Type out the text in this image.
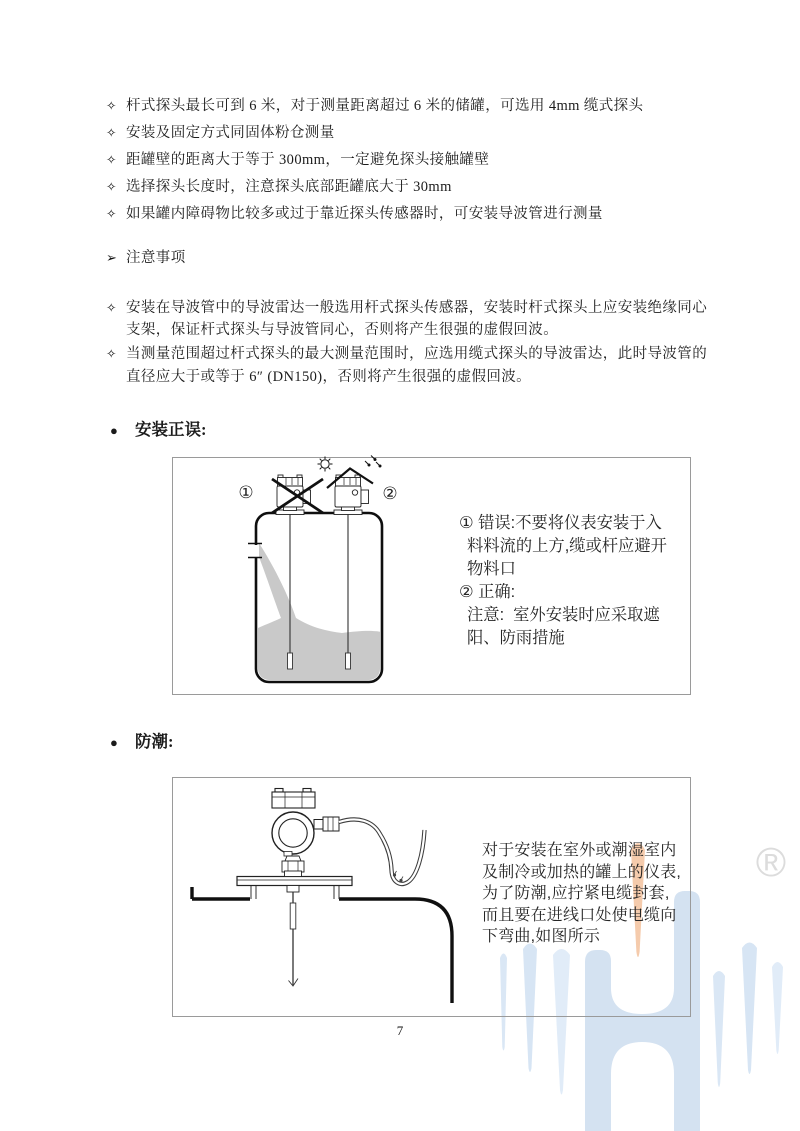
®
✧ 杆式探头最长可到 6 米，对于测量距离超过 6 米的储罐，可选用 4mm 缆式探头
✧ 安装及固定方式同固体粉仓测量
✧ 距罐壁的距离大于等于 300mm，一定避免探头接触罐壁
✧ 选择探头长度时，注意探头底部距罐底大于 30mm
✧ 如果罐内障碍物比较多或过于靠近探头传感器时，可安装导波管进行测量
➢ 注意事项
✧ 安装在导波管中的导波雷达一般选用杆式探头传感器，安装时杆式探头上应安装绝缘同心
支架，保证杆式探头与导波管同心，否则将产生很强的虚假回波。
✧ 当测量范围超过杆式探头的最大测量范围时，应选用缆式探头的导波雷达，此时导波管的
直径应大于或等于 6″ (DN150)，否则将产生很强的虚假回波。
● 安装正误:
①	②
① 错误:不要将仪表安装于入
料料流的上方,缆或杆应避开
物料口
② 正确:
注意:  室外安装时应采取遮
阳、防雨措施
● 防潮:
对于安装在室外或潮湿室内
及制冷或加热的罐上的仪表,
为了防潮,应拧紧电缆封套,
而且要在进线口处使电缆向
下弯曲,如图所示
7
